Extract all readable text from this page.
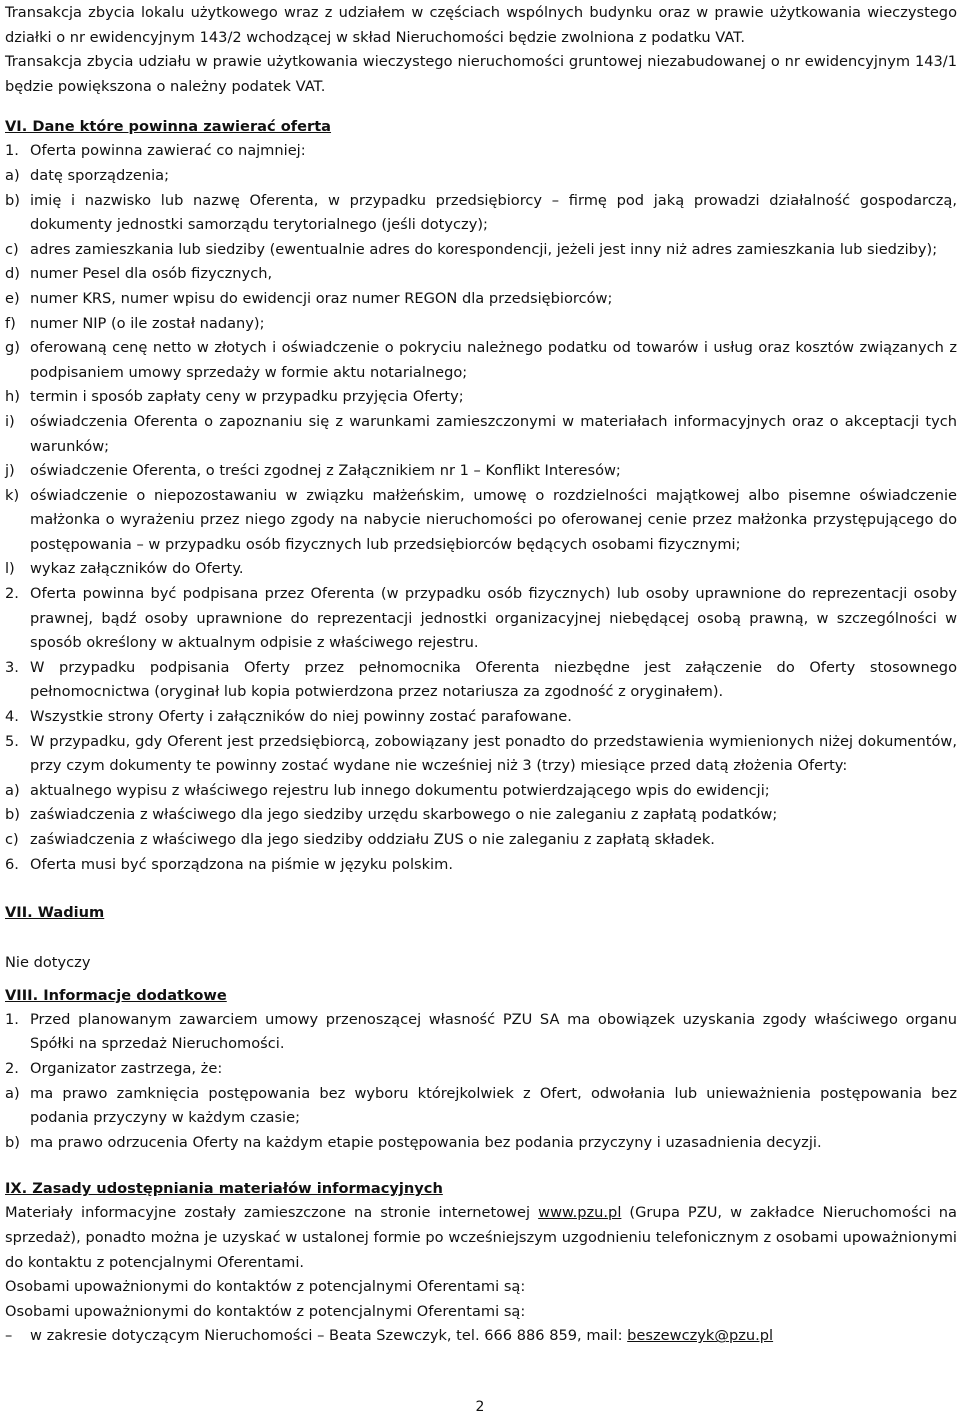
Transakcja zbycia lokalu użytkowego wraz z udziałem w częściach wspólnych budynku oraz w prawie użytkowania wieczystego działki o nr ewidencyjnym 143/2 wchodzącej w skład Nieruchomości będzie zwolniona z podatku VAT.

Transakcja zbycia udziału w prawie użytkowania wieczystego nieruchomości gruntowej niezabudowanej o nr ewidencyjnym 143/1 będzie powiększona o należny podatek VAT.

VI. Dane które powinna zawierać oferta

1. Oferta powinna zawierać co najmniej:
a) datę sporządzenia;
b) imię i nazwisko lub nazwę Oferenta, w przypadku przedsiębiorcy – firmę pod jaką prowadzi działalność gospodarczą, dokumenty jednostki samorządu terytorialnego (jeśli dotyczy);
c) adres zamieszkania lub siedziby (ewentualnie adres do korespondencji, jeżeli jest inny niż adres zamieszkania lub siedziby);
d) numer Pesel dla osób fizycznych,
e) numer KRS, numer wpisu do ewidencji oraz numer REGON dla przedsiębiorców;
f) numer NIP (o ile został nadany);
g) oferowaną cenę netto w złotych i oświadczenie o pokryciu należnego podatku od towarów i usług oraz kosztów związanych z podpisaniem umowy sprzedaży w formie aktu notarialnego;
h) termin i sposób zapłaty ceny w przypadku przyjęcia Oferty;
i)	oświadczenia Oferenta o zapoznaniu się z warunkami zamieszczonymi w materiałach informacyjnych oraz o akceptacji tych warunków;
j)	oświadczenie Oferenta, o treści zgodnej z Załącznikiem nr 1 – Konflikt Interesów;
k) oświadczenie o niepozostawaniu w związku małżeńskim, umowę o rozdzielności majątkowej albo pisemne oświadczenie małżonka o wyrażeniu przez niego zgody na nabycie nieruchomości po oferowanej cenie przez małżonka przystępującego do postępowania – w przypadku osób fizycznych lub przedsiębiorców będących osobami fizycznymi;
l)	wykaz załączników do Oferty.
2. Oferta powinna być podpisana przez Oferenta (w przypadku osób fizycznych) lub osoby uprawnione do reprezentacji osoby prawnej, bądź osoby uprawnione do reprezentacji jednostki organizacyjnej niebędącej osobą prawną, w szczególności w sposób określony w aktualnym odpisie z właściwego rejestru.
3. W przypadku podpisania Oferty przez pełnomocnika Oferenta niezbędne jest załączenie do Oferty stosownego pełnomocnictwa (oryginał lub kopia potwierdzona przez notariusza za zgodność z oryginałem).
4. Wszystkie strony Oferty i załączników do niej powinny zostać parafowane.
5. W przypadku, gdy Oferent jest przedsiębiorcą, zobowiązany jest ponadto do przedstawienia wymienionych niżej dokumentów, przy czym dokumenty te powinny zostać wydane nie wcześniej niż 3 (trzy) miesiące przed datą złożenia Oferty:
a) aktualnego wypisu z właściwego rejestru lub innego dokumentu potwierdzającego wpis do ewidencji;
b) zaświadczenia z właściwego dla jego siedziby urzędu skarbowego o nie zaleganiu z zapłatą podatków;
c) zaświadczenia z właściwego dla jego siedziby oddziału ZUS o nie zaleganiu z zapłatą składek.
6. Oferta musi być sporządzona na piśmie w języku polskim.

VII. Wadium

Nie dotyczy

VIII. Informacje dodatkowe

1. Przed planowanym zawarciem umowy przenoszącej własność PZU SA ma obowiązek uzyskania zgody właściwego organu Spółki na sprzedaż Nieruchomości.
2. Organizator zastrzega, że:
a) ma prawo zamknięcia postępowania bez wyboru którejkolwiek z Ofert, odwołania lub unieważnienia postępowania bez podania przyczyny w każdym czasie;
b) ma prawo odrzucenia Oferty na każdym etapie postępowania bez podania przyczyny i uzasadnienia decyzji.

IX. Zasady udostępniania materiałów informacyjnych

Materiały informacyjne zostały zamieszczone na stronie internetowej www.pzu.pl (Grupa PZU, w zakładce Nieruchomości na sprzedaż), ponadto można je uzyskać w ustalonej formie po wcześniejszym uzgodnieniu telefonicznym z osobami upoważnionymi do kontaktu z potencjalnymi Oferentami.

Osobami upoważnionymi do kontaktów z potencjalnymi Oferentami są:

Osobami upoważnionymi do kontaktów z potencjalnymi Oferentami są:

–	w zakresie dotyczącym Nieruchomości – Beata Szewczyk, tel. 666 886 859, mail: beszewczyk@pzu.pl
2
